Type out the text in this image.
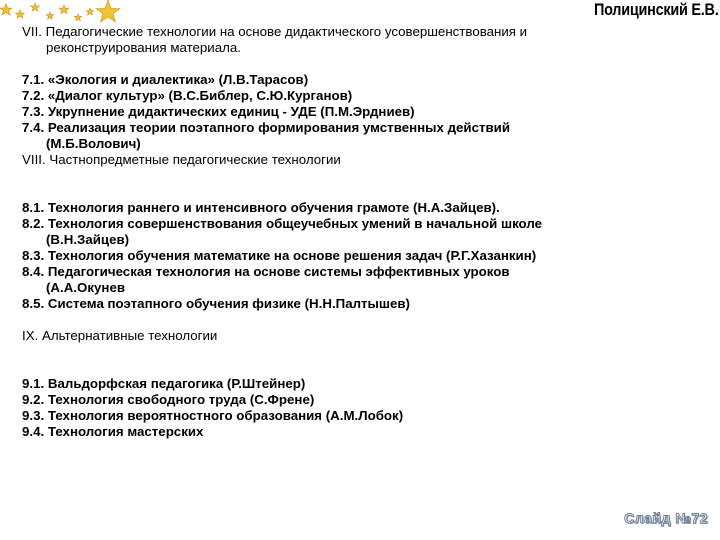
Полицинский Е.В.

VII. Педагогические технологии на основе дидактического усовершенствования и

реконструирования материала.

7.1. «Экология и диалектика» (Л.В.Тарасов)

7.2. «Диалог культур» (В.С.Библер, С.Ю.Курганов)

7.3. Укрупнение дидактических единиц - УДЕ (П.М.Эрдниев)

7.4. Реализация теории поэтапного формирования умственных действий

(М.Б.Волович)

VIII. Частнопредметные педагогические технологии

8.1. Технология раннего и интенсивного обучения грамоте (Н.А.Зайцев).

8.2. Технология совершенствования общеучебных умений в начальной школе

(В.Н.Зайцев)

8.3. Технология обучения математике на основе решения задач (Р.Г.Хазанкин)

8.4. Педагогическая технология на основе системы эффективных уроков

(А.А.Окунев

8.5. Система поэтапного обучения физике (Н.Н.Палтышев)

IX. Альтернативные технологии

9.1. Вальдорфская педагогика (Р.Штейнер)

9.2. Технология свободного труда (С.Френе)

9.3. Технология вероятностного образования (А.М.Лобок)

9.4. Технология мастерских

Слайд №72
